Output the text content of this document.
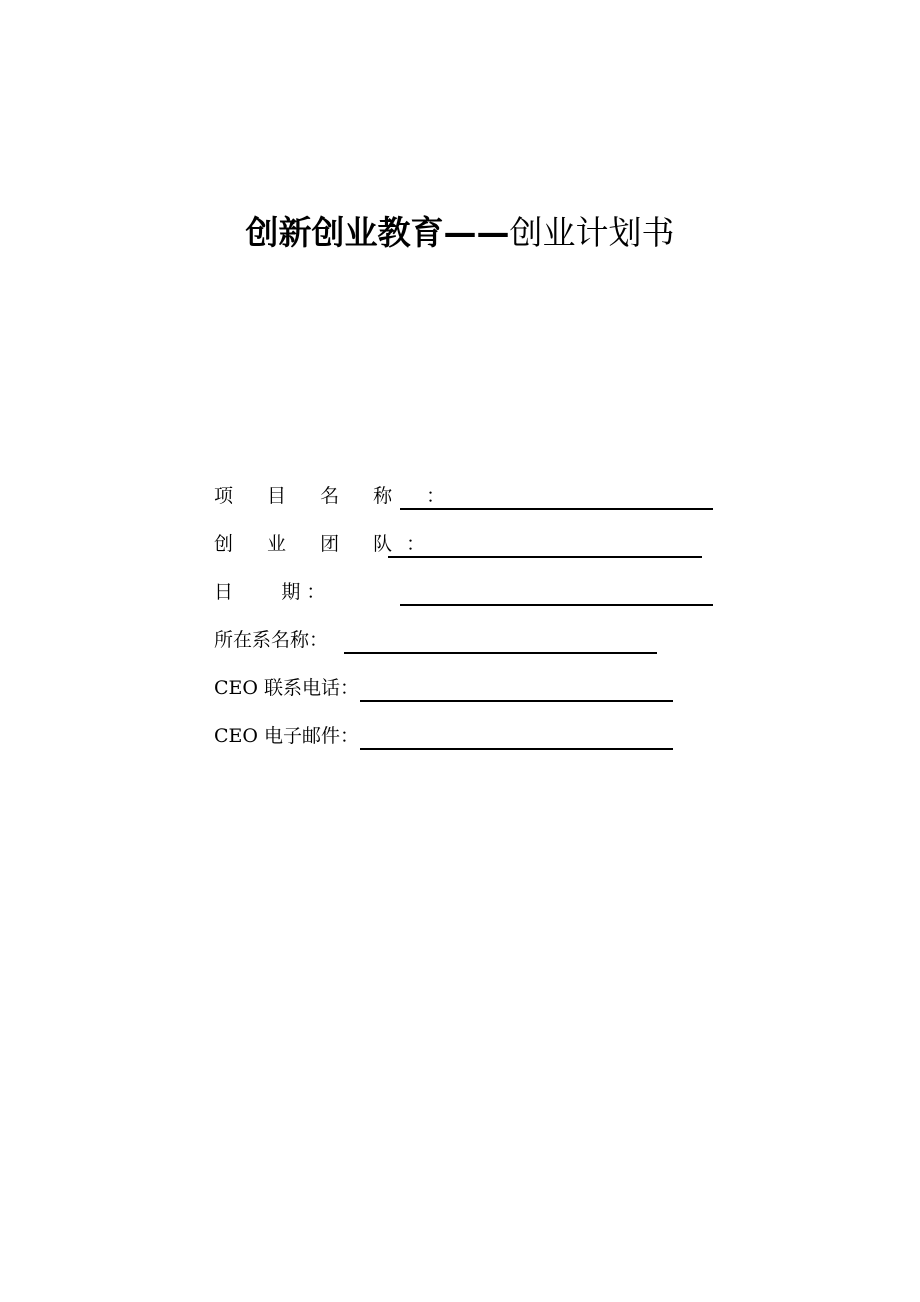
创新创业教育——创业计划书
项 目 名 称 ：
创 业 团 队：
日        期 ：
所在系名称：
CEO 联系电话：
CEO 电子邮件：
